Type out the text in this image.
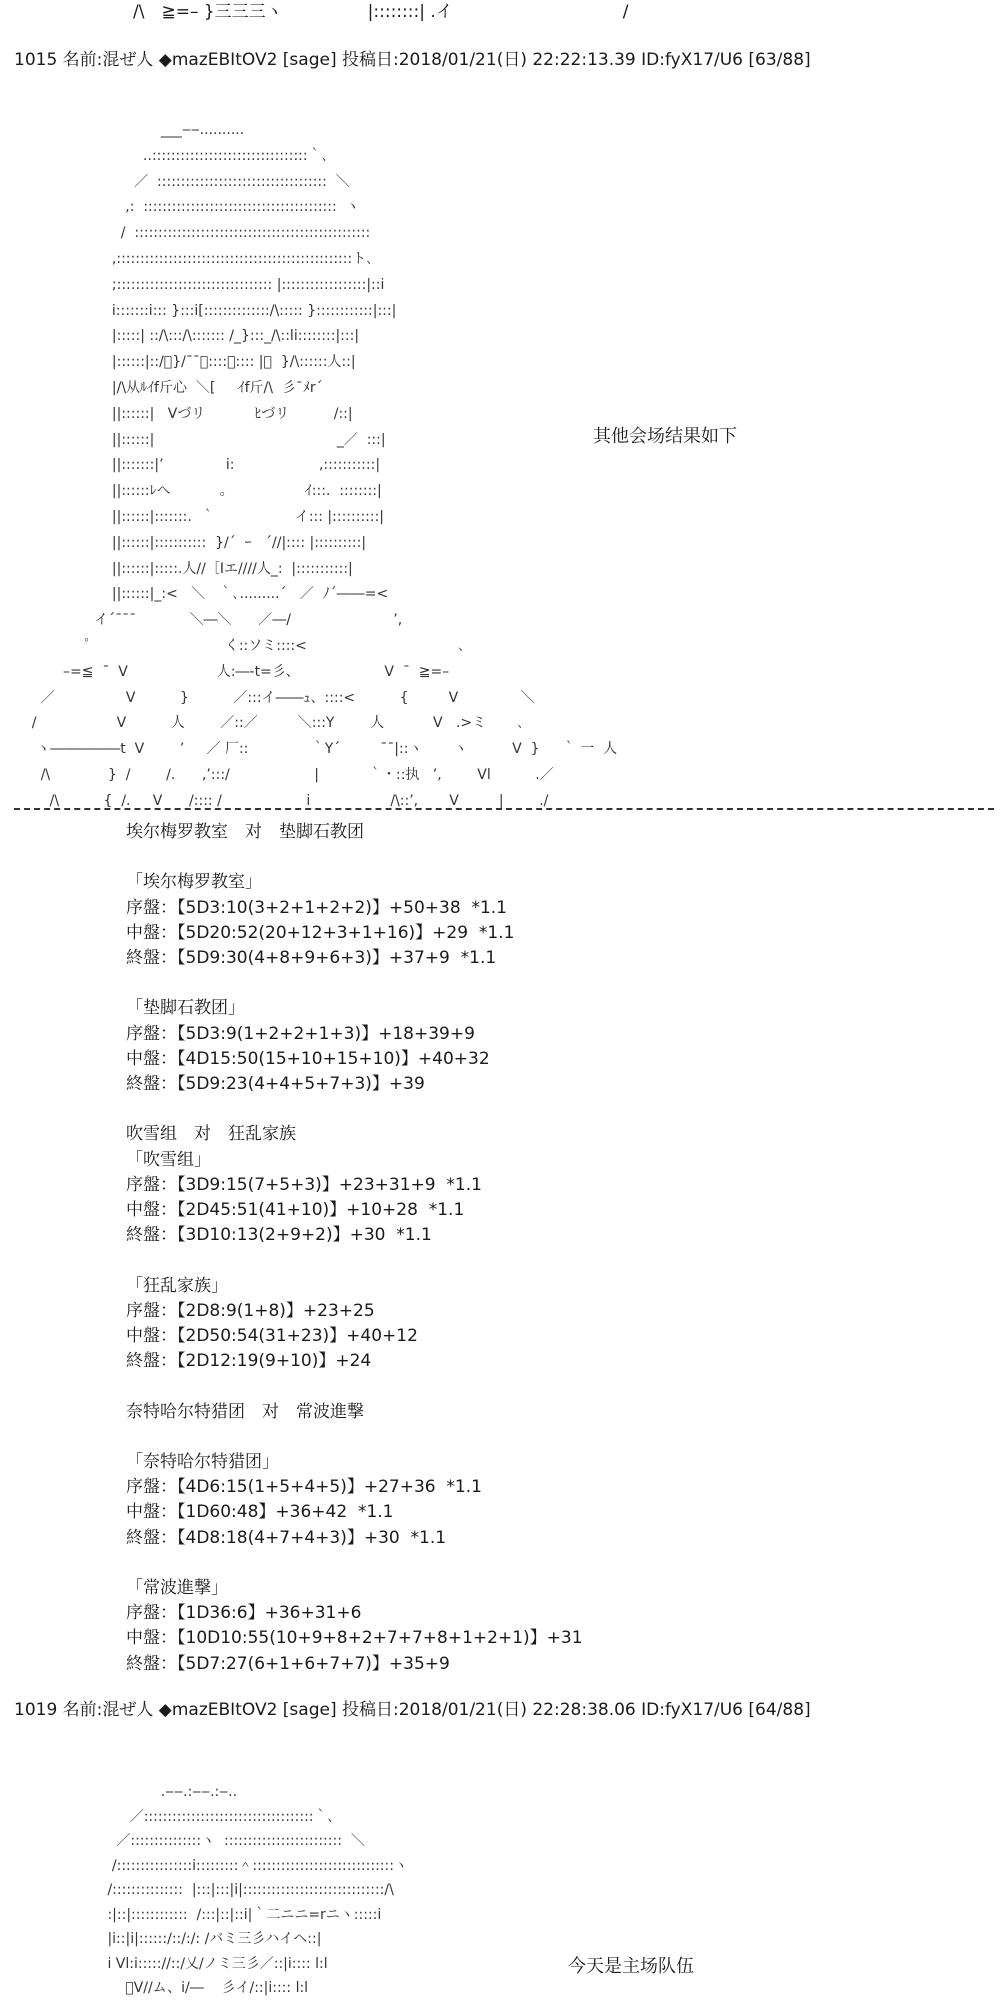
　　　　　　　/\　≧=– }三三三ヽ　　　　　|::::::::| .イ　　　　　　　　　　/
1015 名前:混ぜ人 ◆mazEBItOV2 [sage] 投稿日:2018/01/21(日) 22:22:13.39 ID:fyX17/U6 [63/88]
___‒‒..........
..:::::::::::::::::::::::::::::::::｀､
／  ::::::::::::::::::::::::::::::::::::  ＼
,:  :::::::::::::::::::::::::::::::::::::::::  ヽ
/  ::::::::::::::::::::::::::::::::::::::::::::::::::
,::::::::::::::::::::::::::::::::::::::::::::::::::ト､
;::::::::::::::::::::::::::::::::: |::::::::::::::::::|::i
i:::::::i::: }:::i[::::::::::::::/\::::: }::::::::::::|:::|
|:::::| ::/\:::/\::::::: /_}:::_/\::li::::::::|:::|
|::::::|::/ﾞ}/¯¯｀::::､:::: |／  }/\::::::人::|
|/\从ﾙｲf斤心  ＼[     ｲf斤/\  彡¯ﾒr´
||::::::|   Vづリ           ﾋづリ          /::|
||::::::|                                         _／  :::|
||:::::::|’              i:                   ,:::::::::::|
||::::::ﾚへ           。                ｲ:::.  ::::::::|
||::::::|:::::::.  ｀                  イ::: |::::::::::|
||::::::|:::::::::::  }/´  ｰ   ´//|:::: |::::::::::|
||::::::|:::::.人//［Iエ////人_:  |:::::::::::|
||::::::|_:<   ＼   ｀､.........´   ／  ﾉ´――=<
イ´¯¯¯            ＼―＼      ／―/                       ’,
ﾟ                              く::ソミ::::<                                  ､
–=≦  ¯  V                    人:―-t=彡、                   V  ¯  ≧=–
／                V          }          ／:::イ――ｭ、::::<          {         V              ＼
/                  V          人        ／::／         ＼:::Y        人           V   .>ミ       ､
ヽ―――――t  V        ’     ／ 厂::              ｀Y´         ¯¯|::ヽ       ヽ          V  }     ｀ 一  人
/\             }  /        /.      ,’:::/                   |           ｀・::执   ’,        Vl          .／
/\          {  /.     V      /:::: /                   i                  /\::’,       V         |        ./
其他会场结果如下
埃尔梅罗教室　对　垫脚石教团
「埃尔梅罗教室」
序盤：【5D3:10(3+2+1+2+2)】+50+38  *1.1
中盤：【5D20:52(20+12+3+1+16)】+29  *1.1
終盤：【5D9:30(4+8+9+6+3)】+37+9  *1.1
「垫脚石教团」
序盤：【5D3:9(1+2+2+1+3)】+18+39+9
中盤：【4D15:50(15+10+15+10)】+40+32
終盤：【5D9:23(4+4+5+7+3)】+39
吹雪组　对　狂乱家族
「吹雪组」
序盤：【3D9:15(7+5+3)】+23+31+9  *1.1
中盤：【2D45:51(41+10)】+10+28  *1.1
終盤：【3D10:13(2+9+2)】+30  *1.1
「狂乱家族」
序盤：【2D8:9(1+8)】+23+25
中盤：【2D50:54(31+23)】+40+12
終盤：【2D12:19(9+10)】+24
奈特哈尔特猎团　对　常波進撃
「奈特哈尔特猎团」
序盤：【4D6:15(1+5+4+5)】+27+36  *1.1
中盤：【1D60:48】+36+42  *1.1
終盤：【4D8:18(4+7+4+3)】+30  *1.1
「常波進撃」
序盤：【1D36:6】+36+31+6
中盤：【10D10:55(10+9+8+2+7+7+8+1+2+1)】+31
終盤：【5D7:27(6+1+6+7+7)】+35+9
1019 名前:混ぜ人 ◆mazEBItOV2 [sage] 投稿日:2018/01/21(日) 22:28:38.06 ID:fyX17/U6 [64/88]
.‒‒.:‒‒.:‒..
／::::::::::::::::::::::::::::::::::::｀､
／:::::::::::::::ヽ  :::::::::::::::::::::::::  ＼
/::::::::::::::::i:::::::::＾::::::::::::::::::::::::::::::ヽ
/:::::::::::::::  |:::|:::|i|::::::::::::::::::::::::::::::/\
:|::|::::::::::::  /:::|::|::i|｀二ニニ=rニヽ:::::i
|i::|i|::::::/::/:/: /バミ三彡ハイヘ::|
i Vl:i::::://::/乂/ノミ三彡／::|i:::: l:l
ﾞV//ム、i/―    彡イ/::|i:::: l:l
今天是主场队伍
